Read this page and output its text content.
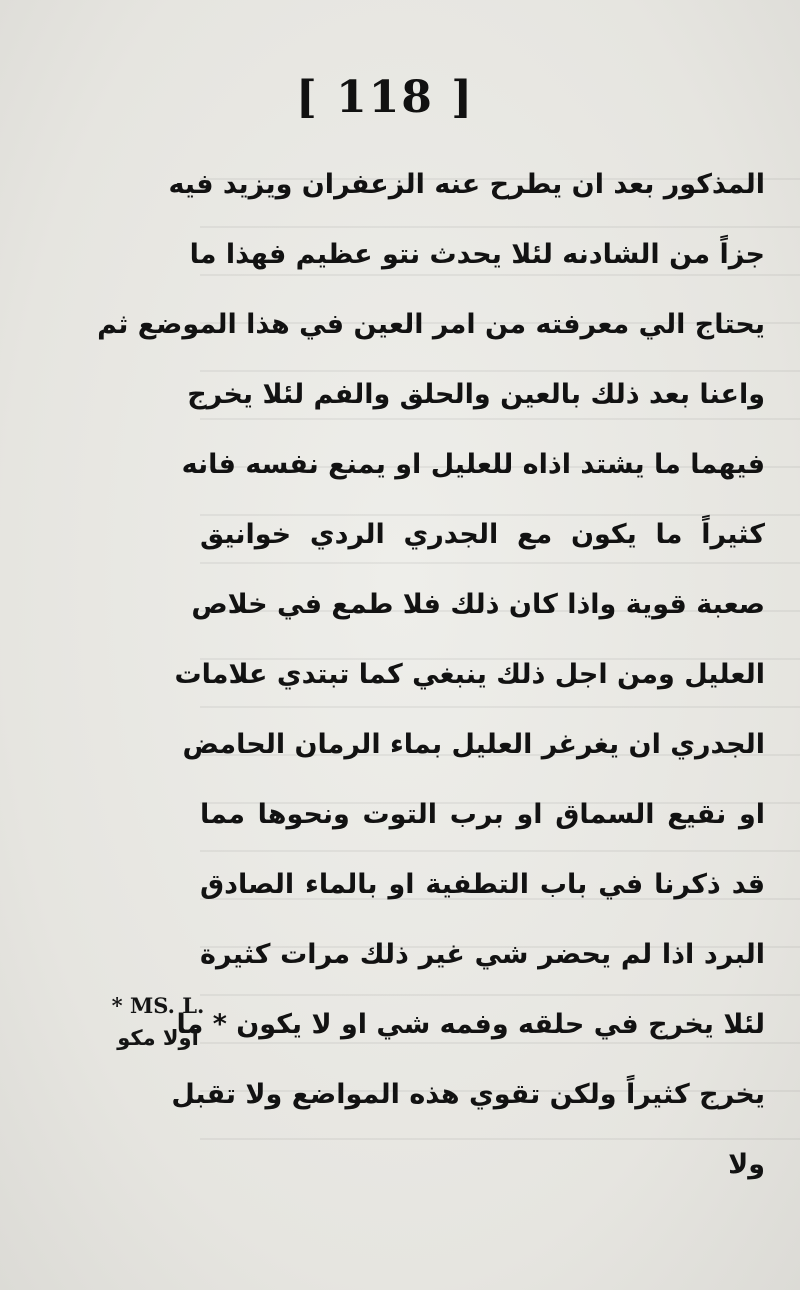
[ 118 ]
المذكور بعد ان يطرح عنه الزعفران ويزيد فيه
جزاً من الشادنه لئلا يحدث نتو عظيم فهذا ما
يحتاج الي معرفته من امر العين في هذا الموضع ثم
واعنا بعد ذلك بالعين والحلق والفم لئلا يخرج
فيهما ما يشتد اذاه للعليل او يمنع نفسه فانه
كثيراً ما يكون مع الجدري الردي خوانيق
صعبة قوية واذا كان ذلك فلا طمع في خلاص
العليل ومن اجل ذلك ينبغي كما تبتدي علامات
الجدري ان يغرغر العليل بماء الرمان الحامض
او نقيع السماق او برب التوت ونحوها مما
قد ذكرنا في باب التطفية او بالماء الصادق
البرد اذا لم يحضر شي غير ذلك مرات كثيرة
لئلا يخرج في حلقه وفمه شي او لا يكون * ما
يخرج كثيراً ولكن تقوي هذه المواضع ولا تقبل
ولا
* MS. L.
اولا مکو
